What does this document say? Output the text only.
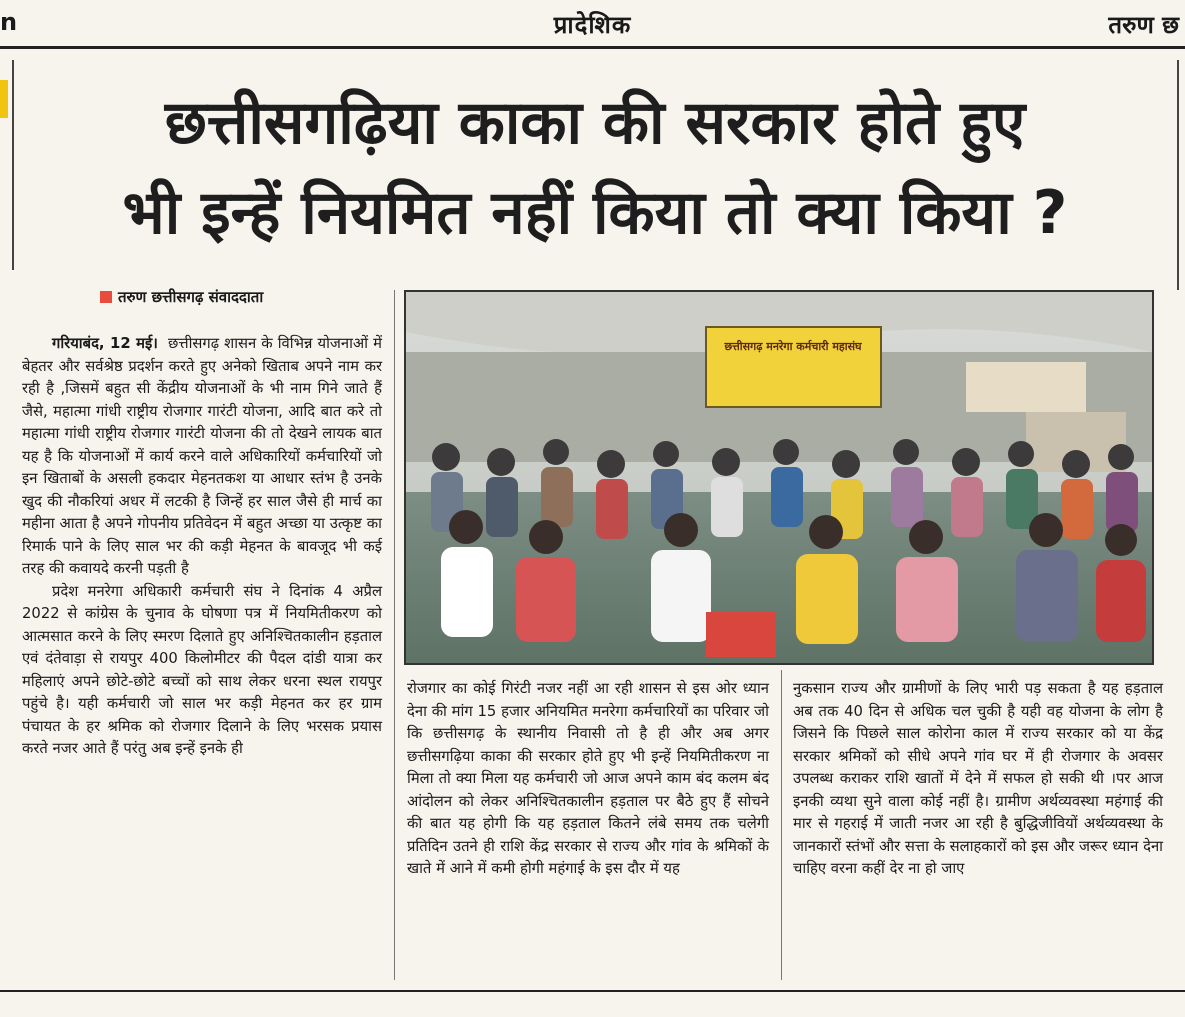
n	प्रादेशिक	तरुण छ
छत्तीसगढ़िया काका की सरकार होते हुए
भी इन्हें नियमित नहीं किया तो क्या किया ?
तरुण छत्तीसगढ़ संवाददाता

गरियाबंद, 12 मई। छत्तीसगढ़ शासन के विभिन्न योजनाओं में बेहतर और सर्वश्रेष्ठ प्रदर्शन करते हुए अनेको खिताब अपने नाम कर रही है ,जिसमें बहुत सी केंद्रीय योजनाओं के भी नाम गिने जाते हैं जैसे, महात्मा गांधी राष्ट्रीय रोजगार गारंटी योजना, आदि बात करे तो महात्मा गांधी राष्ट्रीय रोजगार गारंटी योजना की तो देखने लायक बात यह है कि योजनाओं में कार्य करने वाले अधिकारियों कर्मचारियों जो इन खिताबों के असली हकदार मेहनतकश या आधार स्तंभ है उनके खुद की नौकरियां अधर में लटकी है जिन्हें हर साल जैसे ही मार्च का महीना आता है अपने गोपनीय प्रतिवेदन में बहुत अच्छा या उत्कृष्ट का रिमार्क पाने के लिए साल भर की कड़ी मेहनत के बावजूद भी कई तरह की कवायदे करनी पड़ती है

प्रदेश मनरेगा अधिकारी कर्मचारी संघ ने दिनांक 4 अप्रैल 2022 से कांग्रेस के चुनाव के घोषणा पत्र में नियमितीकरण को आत्मसात करने के लिए स्मरण दिलाते हुए अनिश्चितकालीन हड़ताल एवं दंतेवाड़ा से रायपुर 400 किलोमीटर की पैदल दांडी यात्रा कर महिलाएं अपने छोटे-छोटे बच्चों को साथ लेकर धरना स्थल रायपुर पहुंचे है। यही कर्मचारी जो साल भर कड़ी मेहनत कर हर ग्राम पंचायत के हर श्रमिक को रोजगार दिलाने के लिए भरसक प्रयास करते नजर आते हैं परंतु अब इन्हें इनके ही

छत्तीसगढ़ मनरेगा कर्मचारी महासंघ

रोजगार का कोई गिरंटी नजर नहीं आ रही शासन से इस ओर ध्यान देना की मांग 15 हजार अनियमित मनरेगा कर्मचारियों का परिवार जो कि छत्तीसगढ़ के स्थानीय निवासी तो है ही और अब अगर छत्तीसगढ़िया काका की सरकार होते हुए भी इन्हें नियमितीकरण ना मिला तो क्या मिला यह कर्मचारी जो आज अपने काम बंद कलम बंद आंदोलन को लेकर अनिश्चितकालीन हड़ताल पर बैठे हुए हैं सोचने की बात यह होगी कि यह हड़ताल कितने लंबे समय तक चलेगी प्रतिदिन उतने ही राशि केंद्र सरकार से राज्य और गांव के श्रमिकों के खाते में आने में कमी होगी महंगाई के इस दौर में यह

नुकसान राज्य और ग्रामीणों के लिए भारी पड़ सकता है यह हड़ताल अब तक 40 दिन से अधिक चल चुकी है यही वह योजना के लोग है जिसने कि पिछले साल कोरोना काल में राज्य सरकार को या केंद्र सरकार श्रमिकों को सीधे अपने गांव घर में ही रोजगार के अवसर उपलब्ध कराकर राशि खातों में देने में सफल हो सकी थी ।पर आज इनकी व्यथा सुने वाला कोई नहीं है। ग्रामीण अर्थव्यवस्था महंगाई की मार से गहराई में जाती नजर आ रही है बुद्धिजीवियों अर्थव्यवस्था के जानकारों स्तंभों और सत्ता के सलाहकारों को इस और जरूर ध्यान देना चाहिए वरना कहीं देर ना हो जाए
